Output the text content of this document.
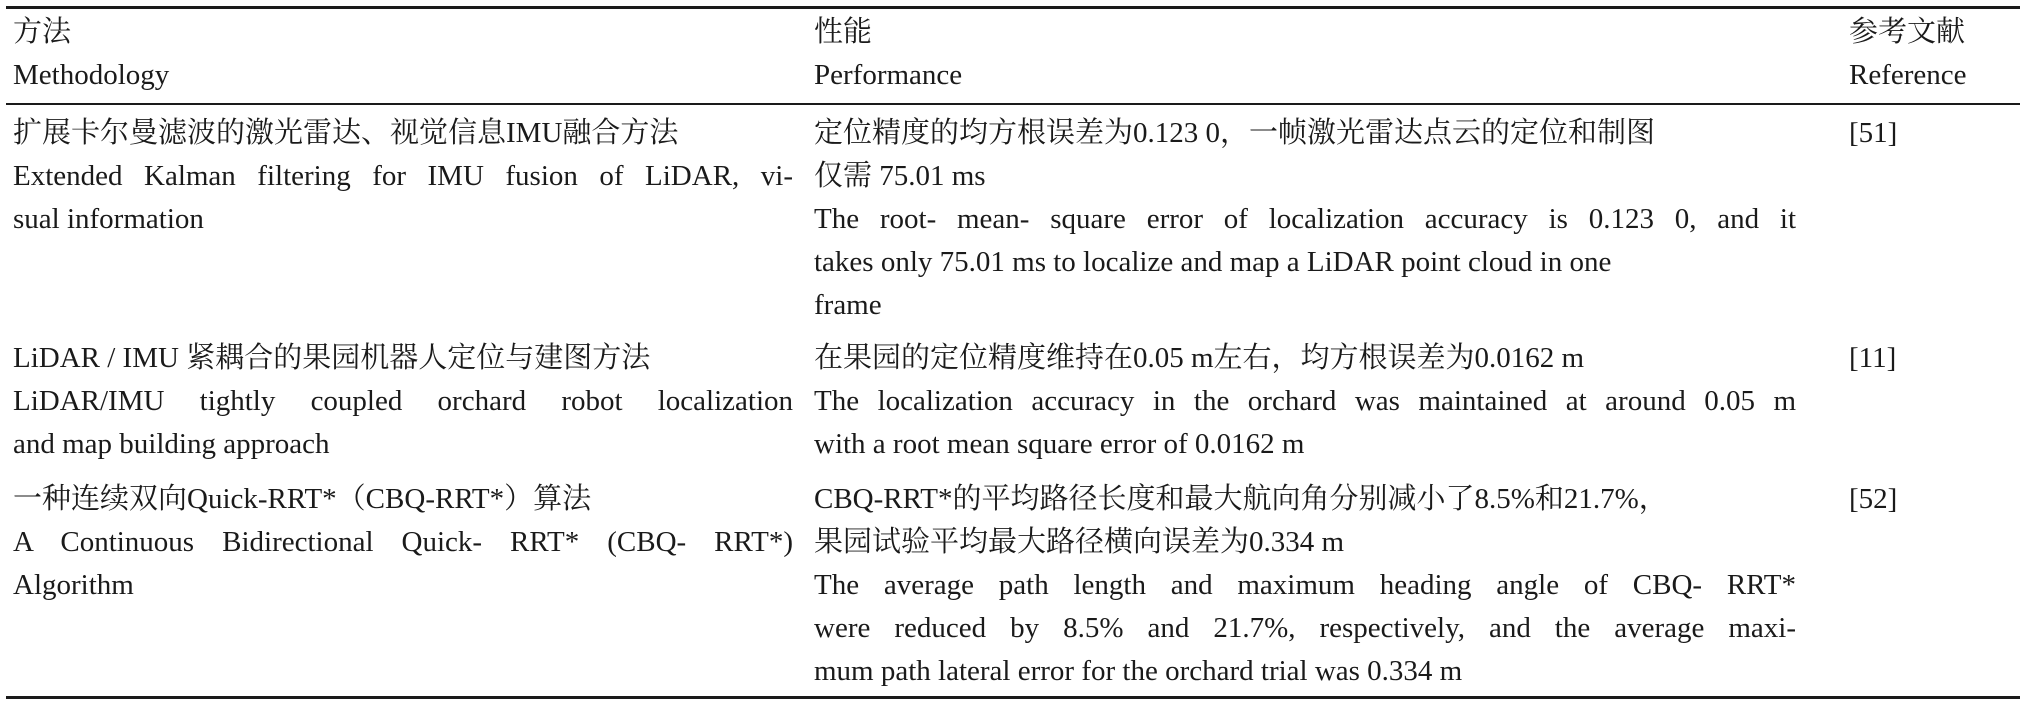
方法
Methodology
性能
Performance
参考文献
Reference
扩展卡尔曼滤波的激光雷达、视觉信息IMU融合方法
Extended Kalman filtering for IMU fusion of LiDAR, vi-
sual information
定位精度的均方根误差为0.123 0，一帧激光雷达点云的定位和制图
仅需 75.01 ms
The root- mean- square error of localization accuracy is 0.123 0, and it
takes only 75.01 ms to localize and map a LiDAR point cloud in one
frame
[51]
LiDAR / IMU 紧耦合的果园机器人定位与建图方法
LiDAR/IMU tightly coupled orchard robot localization
and map building approach
在果园的定位精度维持在0.05 m左右，均方根误差为0.0162 m
The localization accuracy in the orchard was maintained at around 0.05 m
with a root mean square error of 0.0162 m
[11]
一种连续双向Quick-RRT*（CBQ-RRT*）算法
A Continuous Bidirectional Quick- RRT* (CBQ- RRT*)
Algorithm
CBQ-RRT*的平均路径长度和最大航向角分别减小了8.5%和21.7%，
果园试验平均最大路径横向误差为0.334 m
The average path length and maximum heading angle of CBQ- RRT*
were reduced by 8.5% and 21.7%, respectively, and the average maxi-
mum path lateral error for the orchard trial was 0.334 m
[52]
